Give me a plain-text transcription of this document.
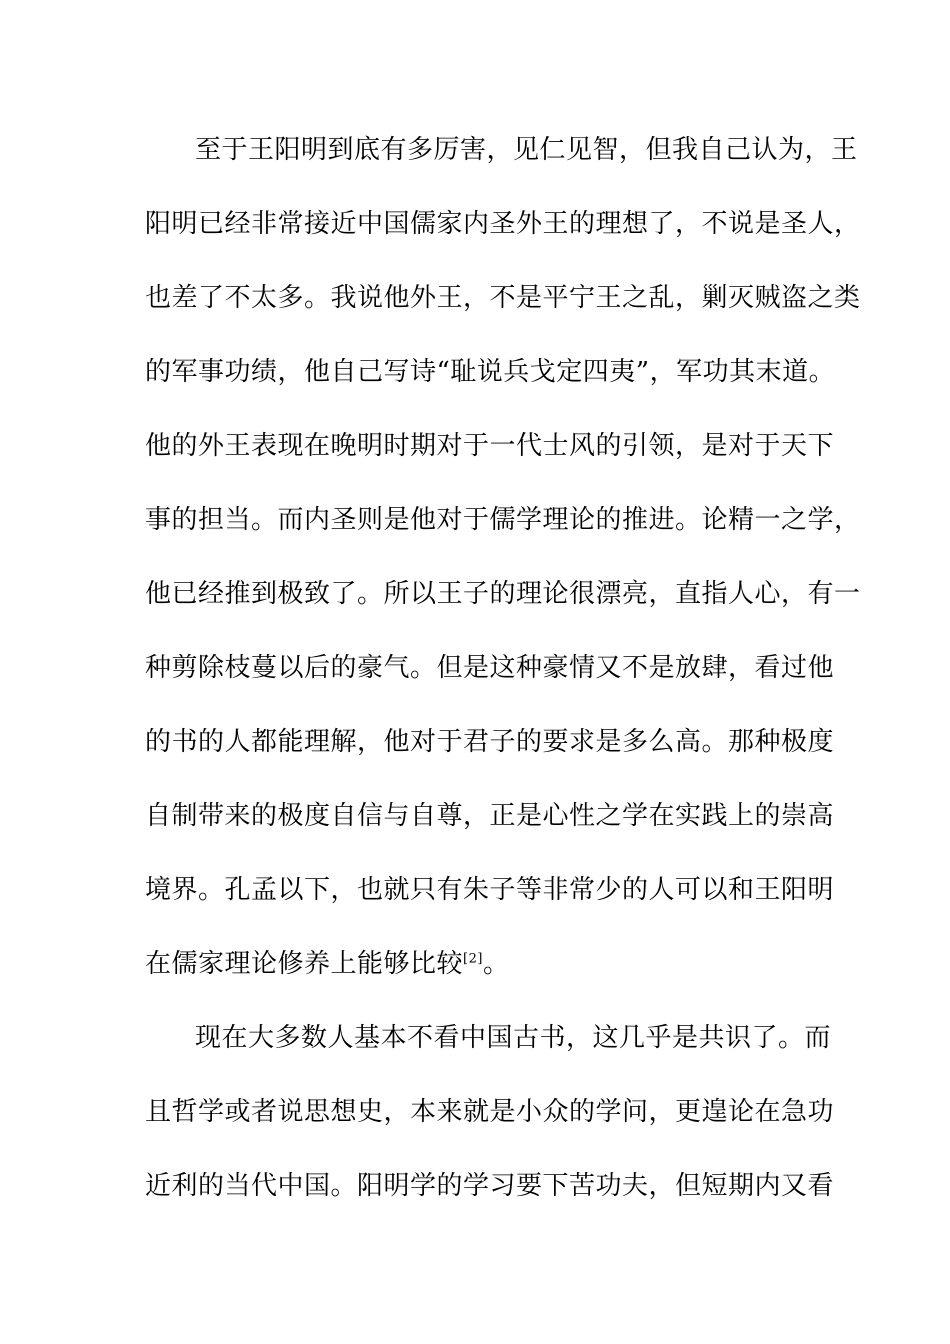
至于王阳明到底有多厉害，见仁见智，但我自己认为，王
阳明已经非常接近中国儒家内圣外王的理想了，不说是圣人，
也差了不太多。我说他外王，不是平宁王之乱，剿灭贼盗之类
的军事功绩，他自己写诗“耻说兵戈定四夷”，军功其末道。
他的外王表现在晚明时期对于一代士风的引领，是对于天下
事的担当。而内圣则是他对于儒学理论的推进。论精一之学，
他已经推到极致了。所以王子的理论很漂亮，直指人心，有一
种剪除枝蔓以后的豪气。但是这种豪情又不是放肆，看过他
的书的人都能理解，他对于君子的要求是多么高。那种极度
自制带来的极度自信与自尊，正是心性之学在实践上的崇高
境界。孔孟以下，也就只有朱子等非常少的人可以和王阳明
在儒家理论修养上能够比较[2]。
现在大多数人基本不看中国古书，这几乎是共识了。而
且哲学或者说思想史，本来就是小众的学问，更遑论在急功
近利的当代中国。阳明学的学习要下苦功夫，但短期内又看
